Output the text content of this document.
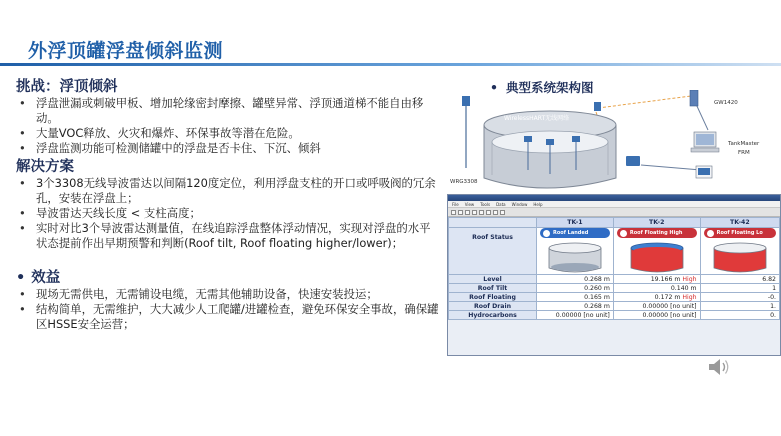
外浮顶罐浮盘倾斜监测
挑战：浮顶倾斜
• 浮盘泄漏或刺破甲板、增加轮缘密封摩擦、罐壁异常、浮顶通道梯不能自由移动。
• 大量VOC释放、火灾和爆炸、环保事故等潜在危险。
• 浮盘监测功能可检测储罐中的浮盘是否卡住、下沉、倾斜
解决方案
• 3个3308无线导波雷达以间隔120度定位，利用浮盘支柱的开口或呼吸阀的冗余孔，安装在浮盘上；
• 导波雷达天线长度 < 支柱高度；
• 实时对比3个导波雷达测量值，在线追踪浮盘整体浮动情况，实现对浮盘的水平状态提前作出早期预警和判断(Roof tilt, Roof floating higher/lower)；
• 效益
• 现场无需供电，无需铺设电缆，无需其他辅助设备，快速安装投运；
• 结构简单，无需维护，大大减少人工爬罐/进罐检查，避免环保安全事故，确保罐区HSSE安全运营；
• 典型系统架构图
WirelessHART无线网络
WRG3308
GW1420
TankMaster
FRM
File View Tools Data Window Help
	TK-1	TK-2	TK-42
Roof Status	Roof Landed	Roof Floating High	Roof Floating Lo

Level	0.268 m	19.166 m High	6.82
Roof Tilt	0.260 m	0.140 m	1
Roof Floating	0.165 m	0.172 m High	-0.
Roof Drain	0.268 m	0.00000 [no unit]	1.
Hydrocarbons	0.00000 [no unit]	0.00000 [no unit]	0.
